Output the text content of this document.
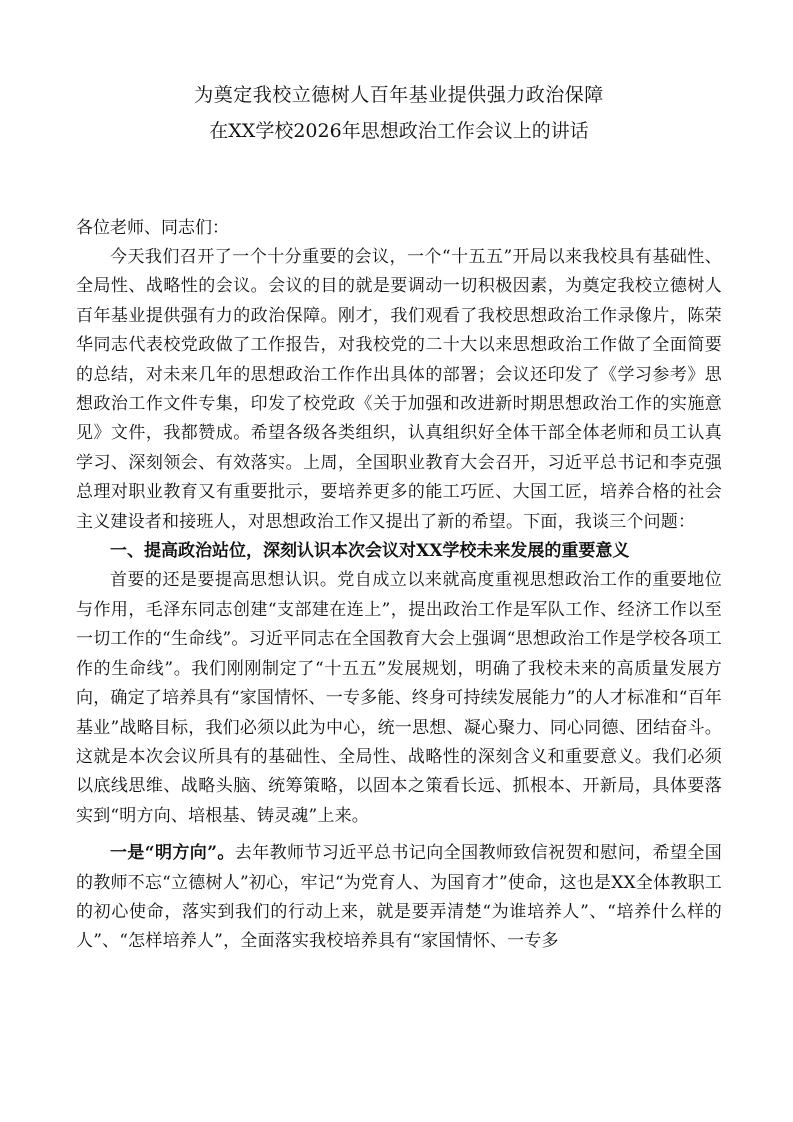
为奠定我校立德树人百年基业提供强力政治保障
在XX学校2026年思想政治工作会议上的讲话

各位老师、同志们：

今天我们召开了一个十分重要的会议，一个“十五五”开局以来我校具有基础性、全局性、战略性的会议。会议的目的就是要调动一切积极因素，为奠定我校立德树人百年基业提供强有力的政治保障。刚才，我们观看了我校思想政治工作录像片，陈荣华同志代表校党政做了工作报告，对我校党的二十大以来思想政治工作做了全面简要的总结，对未来几年的思想政治工作作出具体的部署；会议还印发了《学习参考》思想政治工作文件专集，印发了校党政《关于加强和改进新时期思想政治工作的实施意见》文件，我都赞成。希望各级各类组织，认真组织好全体干部全体老师和员工认真学习、深刻领会、有效落实。上周，全国职业教育大会召开，习近平总书记和李克强总理对职业教育又有重要批示，要培养更多的能工巧匠、大国工匠，培养合格的社会主义建设者和接班人，对思想政治工作又提出了新的希望。下面，我谈三个问题：

一、提高政治站位，深刻认识本次会议对XX学校未来发展的重要意义

首要的还是要提高思想认识。党自成立以来就高度重视思想政治工作的重要地位与作用，毛泽东同志创建“支部建在连上”，提出政治工作是军队工作、经济工作以至一切工作的“生命线”。习近平同志在全国教育大会上强调“思想政治工作是学校各项工作的生命线”。我们刚刚制定了“十五五”发展规划，明确了我校未来的高质量发展方向，确定了培养具有“家国情怀、一专多能、终身可持续发展能力”的人才标准和“百年基业”战略目标，我们必须以此为中心，统一思想、凝心聚力、同心同德、团结奋斗。这就是本次会议所具有的基础性、全局性、战略性的深刻含义和重要意义。我们必须以底线思维、战略头脑、统筹策略，以固本之策看长远、抓根本、开新局，具体要落实到“明方向、培根基、铸灵魂”上来。

一是“明方向”。去年教师节习近平总书记向全国教师致信祝贺和慰问，希望全国的教师不忘“立德树人”初心，牢记“为党育人、为国育才”使命，这也是XX全体教职工的初心使命，落实到我们的行动上来，就是要弄清楚“为谁培养人”、“培养什么样的人”、“怎样培养人”，全面落实我校培养具有“家国情怀、一专多
